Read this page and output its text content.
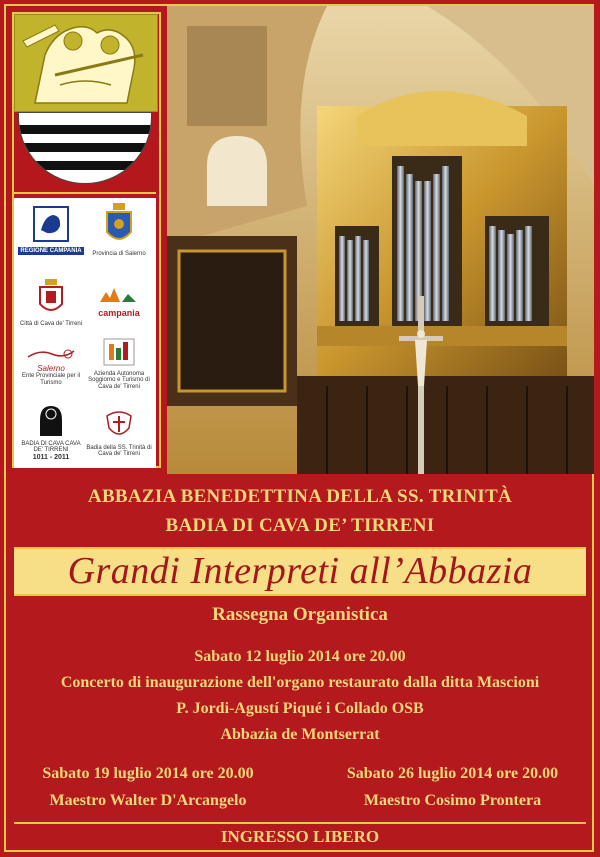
REGIONE CAMPANIA	Provincia di Salerno
Città di Cava de' Tirreni
campania
Salerno
Ente Provinciale per il Turismo
Azienda Autonoma Soggiorno e Turismo di Cava de' Tirreni
BADIA DI CAVA CAVA DE' TIRRENI
1011 - 2011
Badia della SS. Trinità di Cava de' Tirreni
ABBAZIA BENEDETTINA DELLA SS. TRINITÀ
BADIA DI CAVA DE’ TIRRENI
Grandi Interpreti all’Abbazia
Rassegna Organistica
Sabato 12 luglio 2014 ore 20.00
Concerto di inaugurazione dell'organo restaurato dalla ditta Mascioni
P. Jordi-Agustí Piqué i Collado OSB
Abbazia de Montserrat
Sabato 19 luglio 2014 ore 20.00
Maestro Walter D'Arcangelo
Sabato 26 luglio 2014 ore 20.00
Maestro Cosimo Prontera
INGRESSO LIBERO
